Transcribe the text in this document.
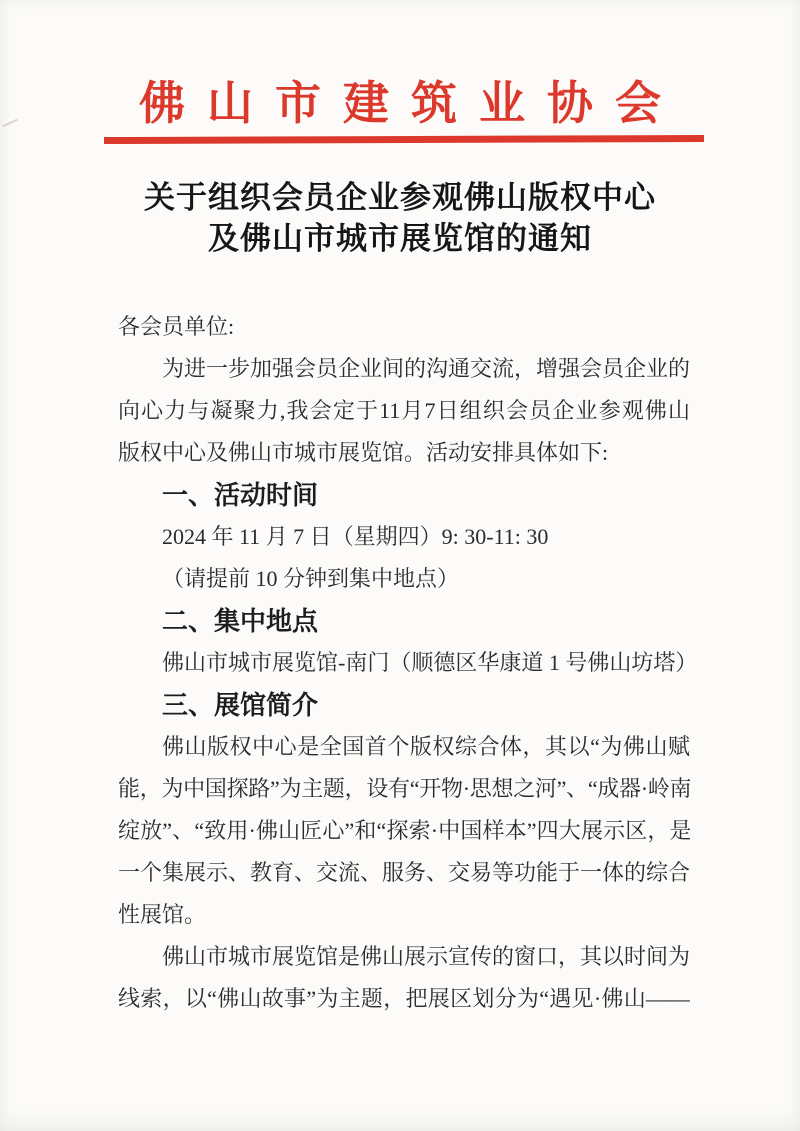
佛山市建筑业协会
关于组织会员企业参观佛山版权中心
及佛山市城市展览馆的通知
各会员单位:
为进一步加强会员企业间的沟通交流，增强会员企业的
向心力与凝聚力,我会定于11月7日组织会员企业参观佛山
版权中心及佛山市城市展览馆。活动安排具体如下:
一、活动时间
2024 年 11 月 7 日（星期四）9: 30-11: 30
（请提前 10 分钟到集中地点）
二、集中地点
佛山市城市展览馆-南门（顺德区华康道 1 号佛山坊塔）
三、展馆简介
佛山版权中心是全国首个版权综合体，其以“为佛山赋
能，为中国探路”为主题，设有“开物·思想之河”、“成器·岭南
绽放”、“致用·佛山匠心”和“探索·中国样本”四大展示区，是
一个集展示、教育、交流、服务、交易等功能于一体的综合
性展馆。
佛山市城市展览馆是佛山展示宣传的窗口，其以时间为
线索，以“佛山故事”为主题，把展区划分为“遇见·佛山——
